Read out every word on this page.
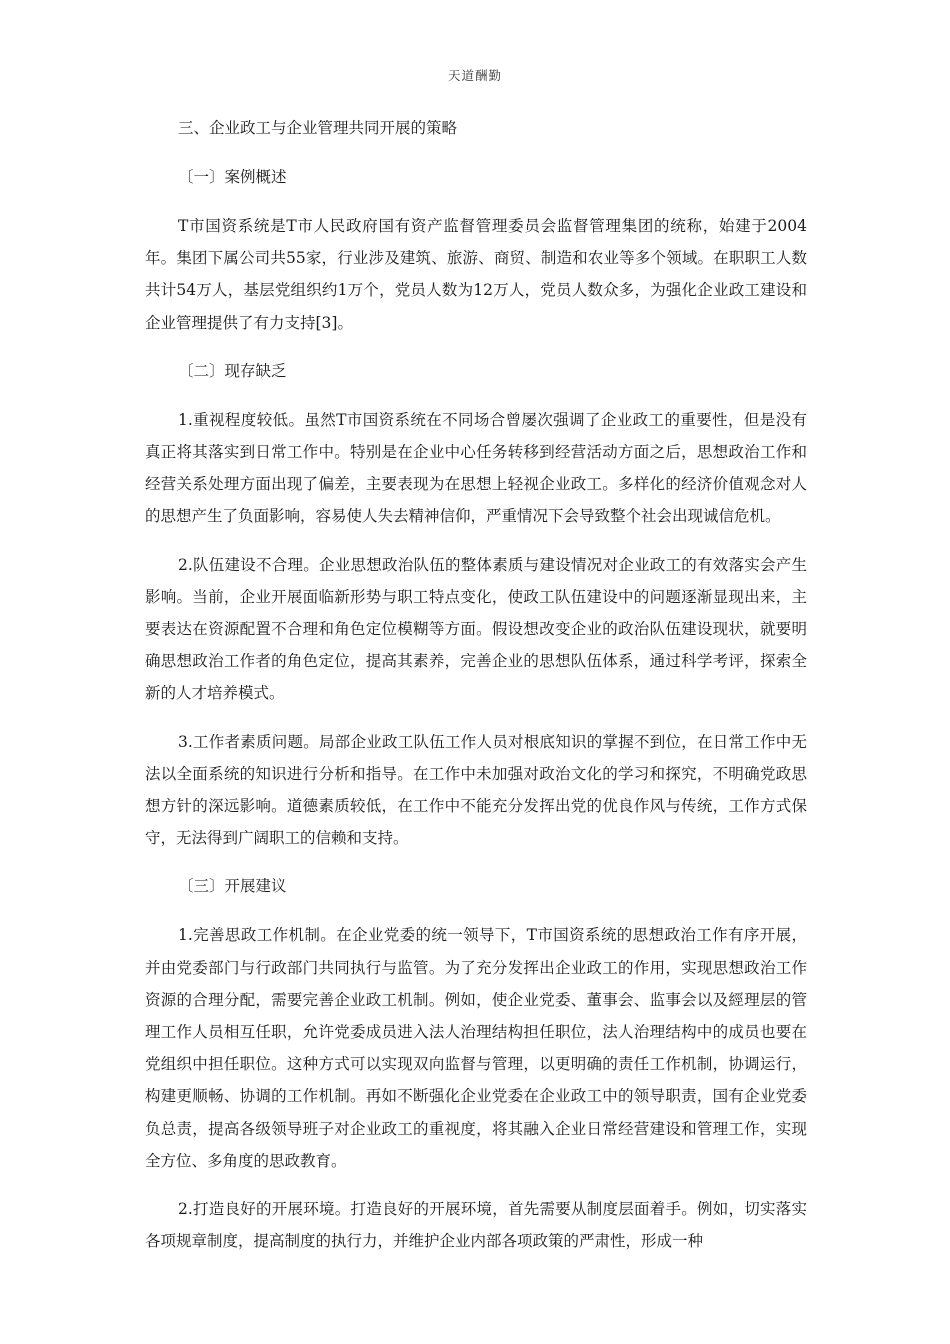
天道酬勤

三、企业政工与企业管理共同开展的策略

〔一〕案例概述

T市国资系统是T市人民政府国有资产监督管理委员会监督管理集团的统称，始建于2004年。集团下属公司共55家，行业涉及建筑、旅游、商贸、制造和农业等多个领域。在职职工人数共计54万人，基层党组织约1万个，党员人数为12万人，党员人数众多，为强化企业政工建设和企业管理提供了有力支持[3]。

〔二〕现存缺乏

1.重视程度较低。虽然T市国资系统在不同场合曾屡次强调了企业政工的重要性，但是没有真正将其落实到日常工作中。特别是在企业中心任务转移到经营活动方面之后，思想政治工作和经营关系处理方面出现了偏差，主要表现为在思想上轻视企业政工。多样化的经济价值观念对人的思想产生了负面影响，容易使人失去精神信仰，严重情况下会导致整个社会出现诚信危机。

2.队伍建设不合理。企业思想政治队伍的整体素质与建设情况对企业政工的有效落实会产生影响。当前，企业开展面临新形势与职工特点变化，使政工队伍建设中的问题逐渐显现出来，主要表达在资源配置不合理和角色定位模糊等方面。假设想改变企业的政治队伍建设现状，就要明确思想政治工作者的角色定位，提高其素养，完善企业的思想队伍体系，通过科学考评，探索全新的人才培养模式。

3.工作者素质问题。局部企业政工队伍工作人员对根底知识的掌握不到位，在日常工作中无法以全面系统的知识进行分析和指导。在工作中未加强对政治文化的学习和探究，不明确党政思想方针的深远影响。道德素质较低，在工作中不能充分发挥出党的优良作风与传统，工作方式保守，无法得到广阔职工的信赖和支持。

〔三〕开展建议

1.完善思政工作机制。在企业党委的统一领导下，T市国资系统的思想政治工作有序开展，并由党委部门与行政部门共同执行与监管。为了充分发挥出企业政工的作用，实现思想政治工作资源的合理分配，需要完善企业政工机制。例如，使企业党委、董事会、监事会以及經理层的管理工作人员相互任职，允许党委成员进入法人治理结构担任职位，法人治理结构中的成员也要在党组织中担任职位。这种方式可以实现双向监督与管理，以更明确的责任工作机制，协调运行，构建更顺畅、协调的工作机制。再如不断强化企业党委在企业政工中的领导职责，国有企业党委负总责，提高各级领导班子对企业政工的重视度，将其融入企业日常经营建设和管理工作，实现全方位、多角度的思政教育。

2.打造良好的开展环境。打造良好的开展环境，首先需要从制度层面着手。例如，切实落实各项规章制度，提高制度的执行力，并维护企业内部各项政策的严肃性，形成一种
